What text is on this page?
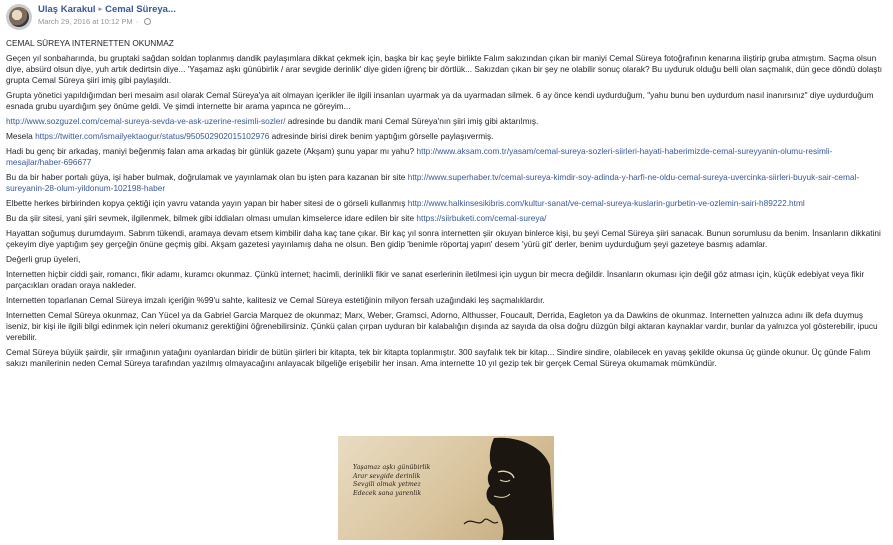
Ulaş Karakul ▸ Cemal Süreya...
March 29, 2016 at 10:12 PM ·

CEMAL SÜREYA INTERNETTEN OKUNMAZ

Geçen yıl sonbaharında, bu gruptaki sağdan soldan toplanmış dandik paylaşımlara dikkat çekmek için, başka bir kaç şeyle birlikte Falım sakızından çıkan bir maniyi Cemal Süreya fotoğrafının kenarına iliştirip gruba atmıştım. Saçma olsun diye, absürd olsun diye, yuh artık dedirtsin diye... 'Yaşamaz aşkı günübirlik / arar sevgide derinlik' diye giden iğrenç bir dörtlük... Sakızdan çıkan bir şey ne olabilir sonuç olarak? Bu uyduruk olduğu belli olan saçmalık, dün gece döndü dolaştı grupta Cemal Süreya şiiri imiş gibi paylaşıldı.

Grupta yönetici yapıldığımdan beri mesaim asıl olarak Cemal Süreya'ya ait olmayan içerikler ile ilgili insanları uyarmak ya da uyarmadan silmek. 6 ay önce kendi uydurduğum, "yahu bunu ben uydurdum nasıl inanırsınız" diye uydurduğum esnada grubu uyardığım şey önüme geldi. Ve şimdi internette bir arama yapınca ne göreyim...

http://www.sozguzel.com/cemal-sureya-sevda-ve-ask-uzerine-resimli-sozler/ adresinde bu dandik mani Cemal Süreya'nın şiiri imiş gibi aktarılmış.

Mesela https://twitter.com/ismailyektaogur/status/950502902015102976 adresinde birisi direk benim yaptığım görselle paylaşıvermiş.

Hadi bu genç bir arkadaş, maniyi beğenmiş falan ama arkadaş bir günlük gazete (Akşam) şunu yapar mı yahu? http://www.aksam.com.tr/yasam/cemal-sureya-sozleri-siirleri-hayati-haberimizde-cemal-sureyyanin-olumu-resimli-mesajlar/haber-696677

Bu da bir haber portalı güya, işi haber bulmak, doğrulamak ve yayınlamak olan bu işten para kazanan bir site http://www.superhaber.tv/cemal-sureya-kimdir-soy-adinda-y-harfi-ne-oldu-cemal-sureya-uvercinka-siirleri-buyuk-sair-cemal-sureyanin-28-olum-yildonum-102198-haber

Elbette herkes birbirinden kopya çektiği için yavru vatanda yayın yapan bir haber sitesi de o görseli kullanmış http://www.halkinsesikibris.com/kultur-sanat/ve-cemal-sureya-kuslarin-gurbetin-ve-ozlemin-sairi-h89222.html

Bu da şiir sitesi, yani şiiri sevmek, ilgilenmek, bilmek gibi iddiaları olması umulan kimselerce idare edilen bir site https://siirbuketi.com/cemal-sureya/

Hayattan soğumuş durumdayım. Sabrım tükendi, aramaya devam etsem kimbilir daha kaç tane çıkar. Bir kaç yıl sonra internetten şiir okuyan binlerce kişi, bu şeyi Cemal Süreya şiiri sanacak. Bunun sorumlusu da benim. İnsanların dikkatini çekeyim diye yaptığım şey gerçeğin önüne geçmiş gibi. Akşam gazetesi yayınlamış daha ne olsun. Ben gidip 'benimle röportaj yapın' desem 'yürü git' derler, benim uydurduğum şeyi gazeteye basmış adamlar.

Değerli grup üyeleri,

Internetten hiçbir ciddi şair, romancı, fikir adamı, kuramcı okunmaz. Çünkü internet; hacimli, derinlikli fikir ve sanat eserlerinin iletilmesi için uygun bir mecra değildir. İnsanların okuması için değil göz atması için, küçük edebiyat veya fikir parçacıkları oradan oraya nakleder.

Internetten toparlanan Cemal Süreya imzalı içeriğin %99'u sahte, kalitesiz ve Cemal Süreya estetiğinin milyon fersah uzağındaki leş saçmalıklardır.

Internetten Cemal Süreya okunmaz, Can Yücel ya da Gabriel Garcia Marquez de okunmaz; Marx, Weber, Gramsci, Adorno, Althusser, Foucault, Derrida, Eagleton ya da Dawkins de okunmaz. Internetten yalnızca adını ilk defa duymuş iseniz, bir kişi ile ilgili bilgi edinmek için neleri okumanız gerektiğini öğrenebilirsiniz. Çünkü çalan çırpan uyduran bir kalabalığın dışında az sayıda da olsa doğru düzgün bilgi aktaran kaynaklar vardır, bunlar da yalnızca yol gösterebilir, ipucu verebilir.

Cemal Süreya büyük şairdir, şiir ırmağının yatağını oyanlardan biridir de bütün şiirleri bir kitapta, tek bir kitapta toplanmıştır. 300 sayfalık tek bir kitap... Sindire sindire, olabilecek en yavaş şekilde okunsa üç günde okunur. Üç günde Falım sakızı manilerinin neden Cemal Süreya tarafından yazılmış olmayacağını anlayacak bilgeliğe erişebilir her insan. Ama internette 10 yıl gezip tek bir gerçek Cemal Süreya okumamak mümkündür.

Yaşamaz aşkı günübirlik
Arar sevgide derinlik
Sevgili olmak yetmez
Edecek sana yarenlik
